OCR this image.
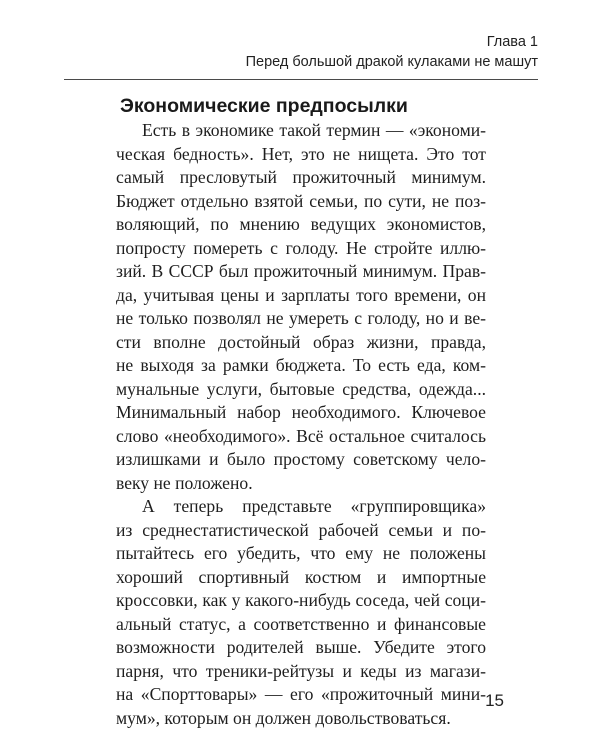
Глава 1
Перед большой дракой кулаками не машут
Экономические предпосылки
Есть в экономике такой термин — «экономи-
ческая бедность». Нет, это не нищета. Это тот
самый пресловутый прожиточный минимум.
Бюджет отдельно взятой семьи, по сути, не поз-
воляющий, по мнению ведущих экономистов,
попросту помереть с голоду. Не стройте иллю-
зий. В СССР был прожиточный минимум. Прав-
да, учитывая цены и зарплаты того времени, он
не только позволял не умереть с голоду, но и ве-
сти вполне достойный образ жизни, правда,
не выходя за рамки бюджета. То есть еда, ком-
мунальные услуги, бытовые средства, одежда...
Минимальный набор необходимого. Ключевое
слово «необходимого». Всё остальное считалось
излишками и было простому советскому чело-
веку не положено.
А теперь представьте «группировщика»
из среднестатистической рабочей семьи и по-
пытайтесь его убедить, что ему не положены
хороший спортивный костюм и импортные
кроссовки, как у какого-нибудь соседа, чей соци-
альный статус, а соответственно и финансовые
возможности родителей выше. Убедите этого
парня, что треники-рейтузы и кеды из магази-
на «Спорттовары» — его «прожиточный мини-
мум», которым он должен довольствоваться.
15
